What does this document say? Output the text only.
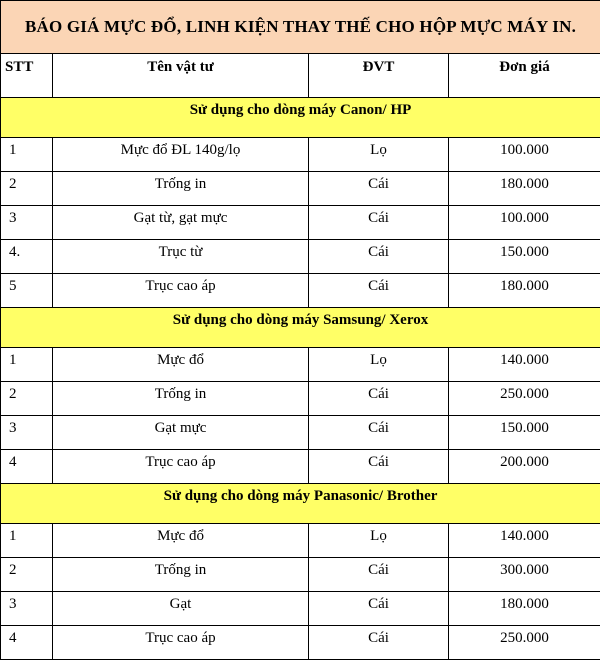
BÁO GIÁ MỰC ĐỔ, LINH KIỆN THAY THẾ CHO HỘP MỰC MÁY IN.			
STT	Tên vật tư	ĐVT	Đơn giá
Sử dụng cho dòng máy Canon/ HP			
1	Mực đổ ĐL 140g/lọ	Lọ	100.000
2	Trống in	Cái	180.000
3	Gạt từ, gạt mực	Cái	100.000
4.	Trục từ	Cái	150.000
5	Trục cao áp	Cái	180.000
Sử dụng cho dòng máy Samsung/ Xerox			
1	Mực đổ	Lọ	140.000
2	Trống in	Cái	250.000
3	Gạt mực	Cái	150.000
4	Trục cao áp	Cái	200.000
Sử dụng cho dòng máy Panasonic/ Brother			
1	Mực đổ	Lọ	140.000
2	Trống in	Cái	300.000
3	Gạt	Cái	180.000
4	Trục cao áp	Cái	250.000
